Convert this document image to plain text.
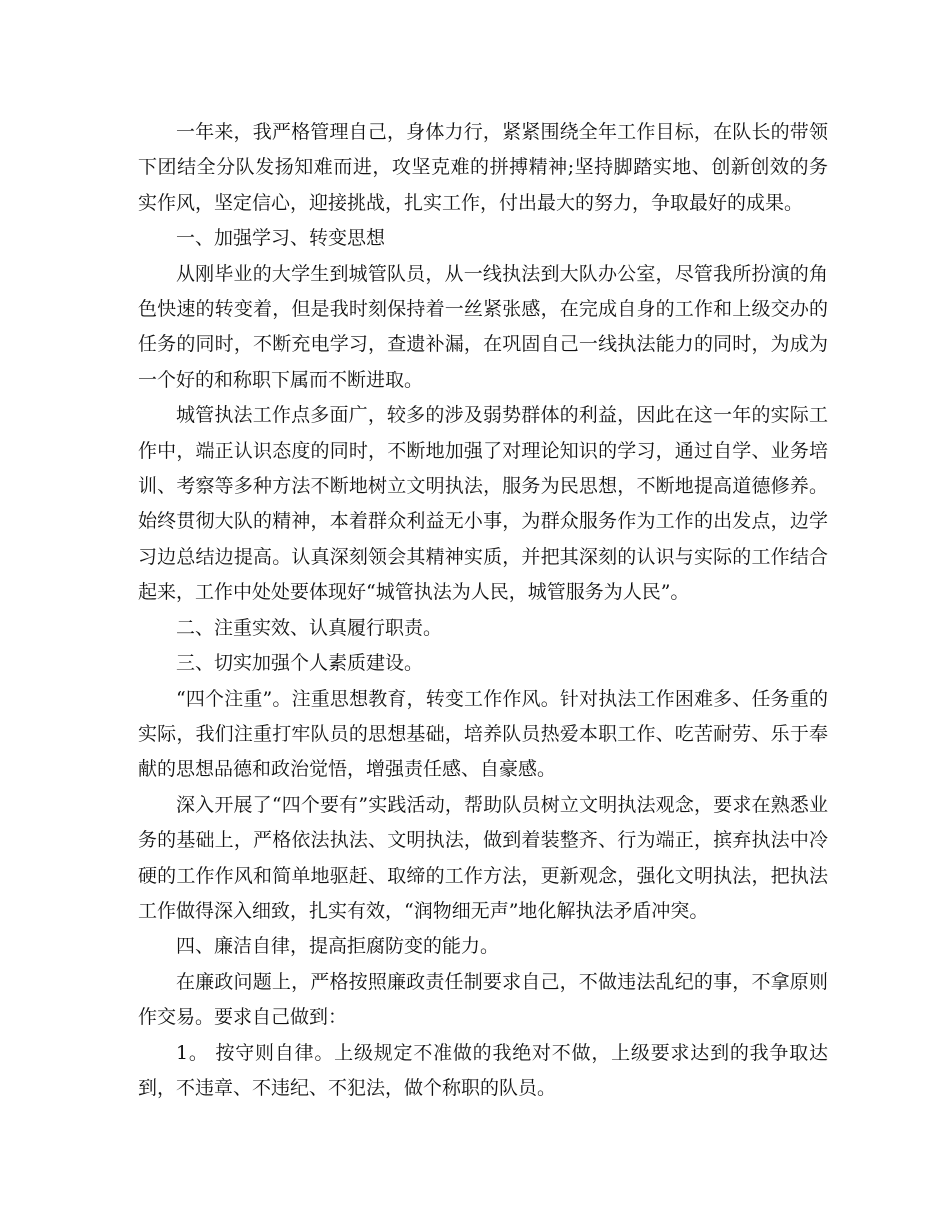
一年来，我严格管理自己，身体力行，紧紧围绕全年工作目标，在队长的带领下团结全分队发扬知难而进，攻坚克难的拼搏精神;坚持脚踏实地、创新创效的务实作风，坚定信心，迎接挑战，扎实工作，付出最大的努力，争取最好的成果。

一、加强学习、转变思想

从刚毕业的大学生到城管队员，从一线执法到大队办公室，尽管我所扮演的角色快速的转变着，但是我时刻保持着一丝紧张感，在完成自身的工作和上级交办的任务的同时，不断充电学习，查遗补漏，在巩固自己一线执法能力的同时，为成为一个好的和称职下属而不断进取。

城管执法工作点多面广，较多的涉及弱势群体的利益，因此在这一年的实际工作中，端正认识态度的同时，不断地加强了对理论知识的学习，通过自学、业务培训、考察等多种方法不断地树立文明执法，服务为民思想，不断地提高道德修养。始终贯彻大队的精神，本着群众利益无小事，为群众服务作为工作的出发点，边学习边总结边提高。认真深刻领会其精神实质，并把其深刻的认识与实际的工作结合起来，工作中处处要体现好“城管执法为人民，城管服务为人民”。

二、注重实效、认真履行职责。

三、切实加强个人素质建设。

“四个注重”。注重思想教育，转变工作作风。针对执法工作困难多、任务重的实际，我们注重打牢队员的思想基础，培养队员热爱本职工作、吃苦耐劳、乐于奉献的思想品德和政治觉悟，增强责任感、自豪感。

深入开展了“四个要有”实践活动，帮助队员树立文明执法观念，要求在熟悉业务的基础上，严格依法执法、文明执法，做到着装整齐、行为端正，摈弃执法中冷硬的工作作风和简单地驱赶、取缔的工作方法，更新观念，强化文明执法，把执法工作做得深入细致，扎实有效，“润物细无声”地化解执法矛盾冲突。

四、廉洁自律，提高拒腐防变的能力。

在廉政问题上，严格按照廉政责任制要求自己，不做违法乱纪的事，不拿原则作交易。要求自己做到：

1。 按守则自律。上级规定不准做的我绝对不做，上级要求达到的我争取达到，不违章、不违纪、不犯法，做个称职的队员。
